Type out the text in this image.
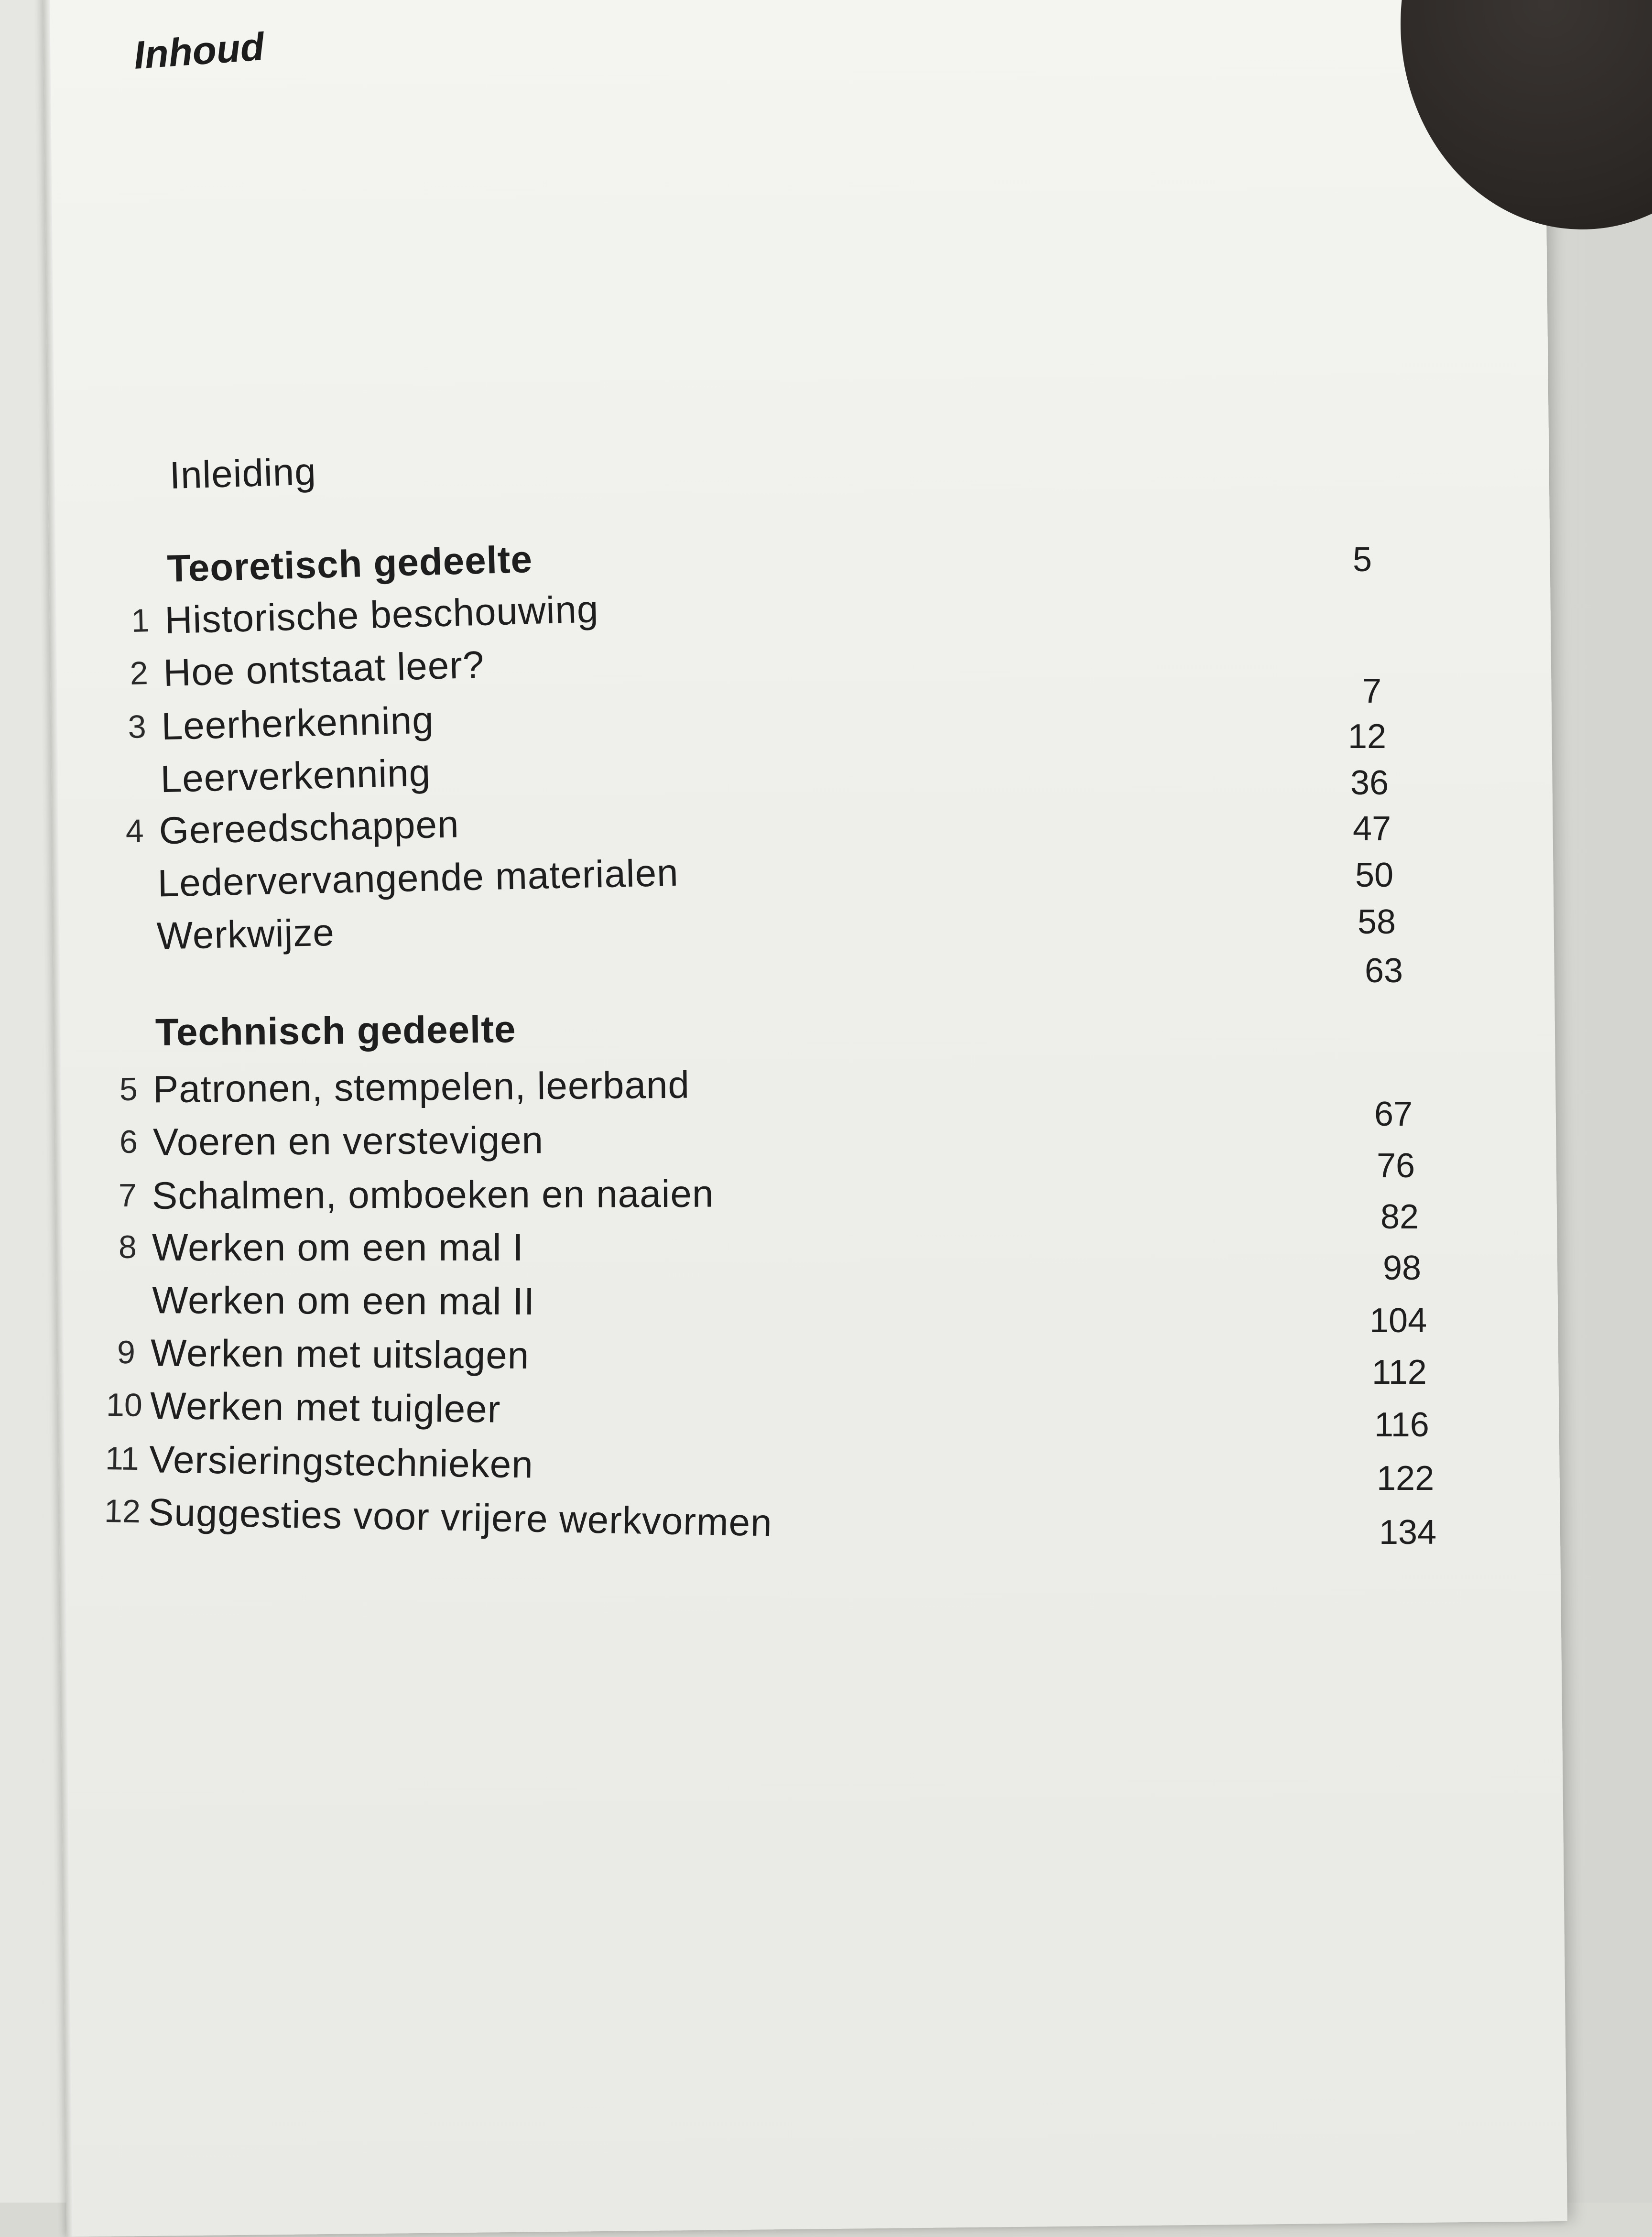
Inhoud
Inleiding
Teoretisch gedeelte
1 Historische beschouwing
2 Hoe ontstaat leer?
3 Leerherkenning
Leerverkenning
4 Gereedschappen
Ledervervangende materialen
Werkwijze
Technisch gedeelte
5 Patronen, stempelen, leerband
6 Voeren en verstevigen
7 Schalmen, omboeken en naaien
8 Werken om een mal I
Werken om een mal II
9 Werken met uitslagen
10 Werken met tuigleer
11 Versieringstechnieken
12 Suggesties voor vrijere werkvormen
5
7
12
36
47
50
58
63
67
76
82
98
104
112
116
122
134
